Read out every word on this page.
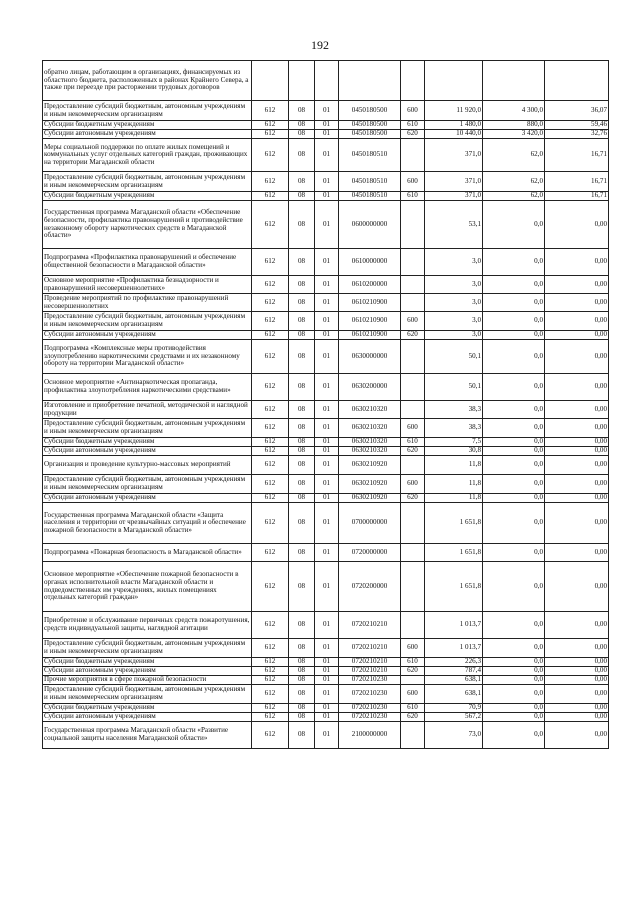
192
обратно лицам, работающим в организациях, финансируемых из областного бюджета, расположенных в районах Крайнего Севера, а также при переезде при расторжении трудовых договоров								
Предоставление субсидий бюджетным, автономным учреждениям и иным некоммерческим организациям	612	08	01	0450180500	600	11 920,0	4 300,0	36,07
Субсидии бюджетным учреждениям	612	08	01	0450180500	610	1 480,0	880,0	59,46
Субсидии автономным учреждениям	612	08	01	0450180500	620	10 440,0	3 420,0	32,76
Меры социальной поддержки по оплате жилых помещений и коммунальных услуг отдельных категорий граждан, проживающих на территории Магаданской области	612	08	01	0450180510		371,0	62,0	16,71
Предоставление субсидий бюджетным, автономным учреждениям и иным некоммерческим организациям	612	08	01	0450180510	600	371,0	62,0	16,71
Субсидии бюджетным учреждениям	612	08	01	0450180510	610	371,0	62,0	16,71
Государственная программа Магаданской области «Обеспечение безопасности, профилактика правонарушений и противодействие незаконному обороту наркотических средств в Магаданской области»	612	08	01	0600000000		53,1	0,0	0,00
Подпрограмма «Профилактика правонарушений и обеспечение общественной безопасности в Магаданской области»	612	08	01	0610000000		3,0	0,0	0,00
Основное мероприятие «Профилактика безнадзорности и правонарушений несовершеннолетних»	612	08	01	0610200000		3,0	0,0	0,00
Проведение мероприятий по профилактике правонарушений несовершеннолетних	612	08	01	0610210900		3,0	0,0	0,00
Предоставление субсидий бюджетным, автономным учреждениям и иным некоммерческим организациям	612	08	01	0610210900	600	3,0	0,0	0,00
Субсидии автономным учреждениям	612	08	01	0610210900	620	3,0	0,0	0,00
Подпрограмма «Комплексные меры противодействия злоупотреблению наркотическими средствами и их незаконному обороту на территории Магаданской области»	612	08	01	0630000000		50,1	0,0	0,00
Основное мероприятие «Антинаркотическая пропаганда, профилактика злоупотребления наркотическими средствами»	612	08	01	0630200000		50,1	0,0	0,00
Изготовление и приобретение печатной, методической и наглядной продукции	612	08	01	0630210320		38,3	0,0	0,00
Предоставление субсидий бюджетным, автономным учреждениям и иным некоммерческим организациям	612	08	01	0630210320	600	38,3	0,0	0,00
Субсидии бюджетным учреждениям	612	08	01	0630210320	610	7,5	0,0	0,00
Субсидии автономным учреждениям	612	08	01	0630210320	620	30,8	0,0	0,00
Организация и проведение культурно-массовых мероприятий	612	08	01	0630210920		11,8	0,0	0,00
Предоставление субсидий бюджетным, автономным учреждениям и иным некоммерческим организациям	612	08	01	0630210920	600	11,8	0,0	0,00
Субсидии автономным учреждениям	612	08	01	0630210920	620	11,8	0,0	0,00
Государственная программа Магаданской области «Защита населения и территории от чрезвычайных ситуаций и обеспечение пожарной безопасности в Магаданской области»	612	08	01	0700000000		1 651,8	0,0	0,00
Подпрограмма «Пожарная безопасность в Магаданской области»	612	08	01	0720000000		1 651,8	0,0	0,00
Основное мероприятие «Обеспечение пожарной безопасности в органах исполнительной власти Магаданской области и подведомственных им учреждениях, жилых помещениях отдельных категорий граждан»	612	08	01	0720200000		1 651,8	0,0	0,00
Приобретение и обслуживание первичных средств пожаротушения, средств индивидуальной защиты, наглядной агитации	612	08	01	0720210210		1 013,7	0,0	0,00
Предоставление субсидий бюджетным, автономным учреждениям и иным некоммерческим организациям	612	08	01	0720210210	600	1 013,7	0,0	0,00
Субсидии бюджетным учреждениям	612	08	01	0720210210	610	226,3	0,0	0,00
Субсидии автономным учреждениям	612	08	01	0720210210	620	787,4	0,0	0,00
Прочие мероприятия в сфере пожарной безопасности	612	08	01	0720210230		638,1	0,0	0,00
Предоставление субсидий бюджетным, автономным учреждениям и иным некоммерческим организациям	612	08	01	0720210230	600	638,1	0,0	0,00
Субсидии бюджетным учреждениям	612	08	01	0720210230	610	70,9	0,0	0,00
Субсидии автономным учреждениям	612	08	01	0720210230	620	567,2	0,0	0,00
Государственная программа Магаданской области «Развитие социальной защиты населения Магаданской области»	612	08	01	2100000000		73,0	0,0	0,00
